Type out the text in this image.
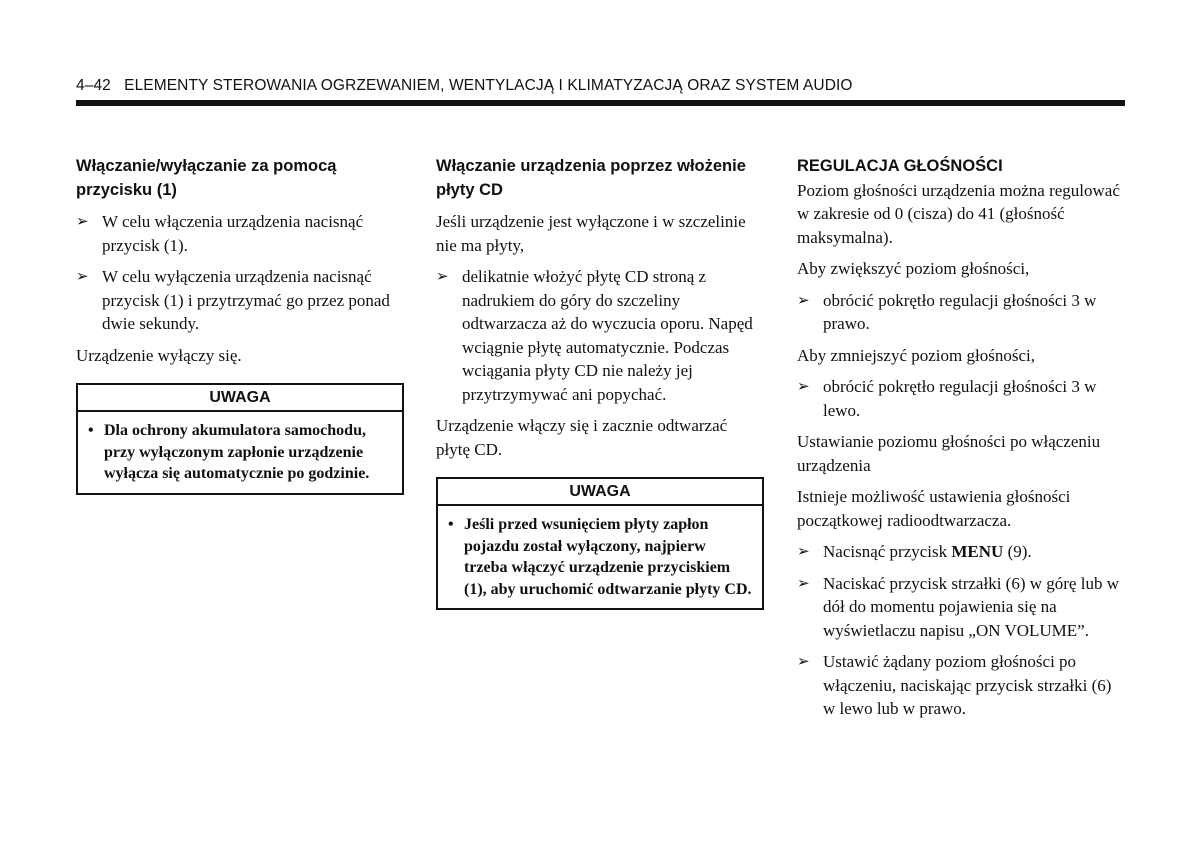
4–42 ELEMENTY STEROWANIA OGRZEWANIEM, WENTYLACJĄ I KLIMATYZACJĄ ORAZ SYSTEM AUDIO
Włączanie/wyłączanie za pomocą przycisku (1)
➢ W celu włączenia urządzenia nacisnąć przycisk (1).
➢ W celu wyłączenia urządzenia nacisnąć przycisk (1) i przytrzymać go przez ponad dwie sekundy.

Urządzenie wyłączy się.

UWAGA
• Dla ochrony akumulatora samochodu, przy wyłączonym zapłonie urządzenie wyłącza się automatycznie po godzinie.
Włączanie urządzenia poprzez włożenie płyty CD

Jeśli urządzenie jest wyłączone i w szczelinie nie ma płyty,

➢ delikatnie włożyć płytę CD stroną z nadrukiem do góry do szczeliny odtwarzacza aż do wyczucia oporu. Napęd wciągnie płytę automatycznie. Podczas wciągania płyty CD nie należy jej przytrzymywać ani popychać.

Urządzenie włączy się i zacznie odtwarzać płytę CD.

UWAGA
• Jeśli przed wsunięciem płyty zapłon pojazdu został wyłączony, najpierw trzeba włączyć urządzenie przyciskiem (1), aby uruchomić odtwarzanie płyty CD.
REGULACJA GŁOŚNOŚCI

Poziom głośności urządzenia można regulować w zakresie od 0 (cisza) do 41 (głośność maksymalna).

Aby zwiększyć poziom głośności,

➢ obrócić pokrętło regulacji głośności 3 w prawo.

Aby zmniejszyć poziom głośności,

➢ obrócić pokrętło regulacji głośności 3 w lewo.

Ustawianie poziomu głośności po włączeniu urządzenia

Istnieje możliwość ustawienia głośności początkowej radioodtwarzacza.

➢ Nacisnąć przycisk MENU (9).
➢ Naciskać przycisk strzałki (6) w górę lub w dół do momentu pojawienia się na wyświetlaczu napisu „ON VOLUME”.
➢ Ustawić żądany poziom głośności po włączeniu, naciskając przycisk strzałki (6) w lewo lub w prawo.
